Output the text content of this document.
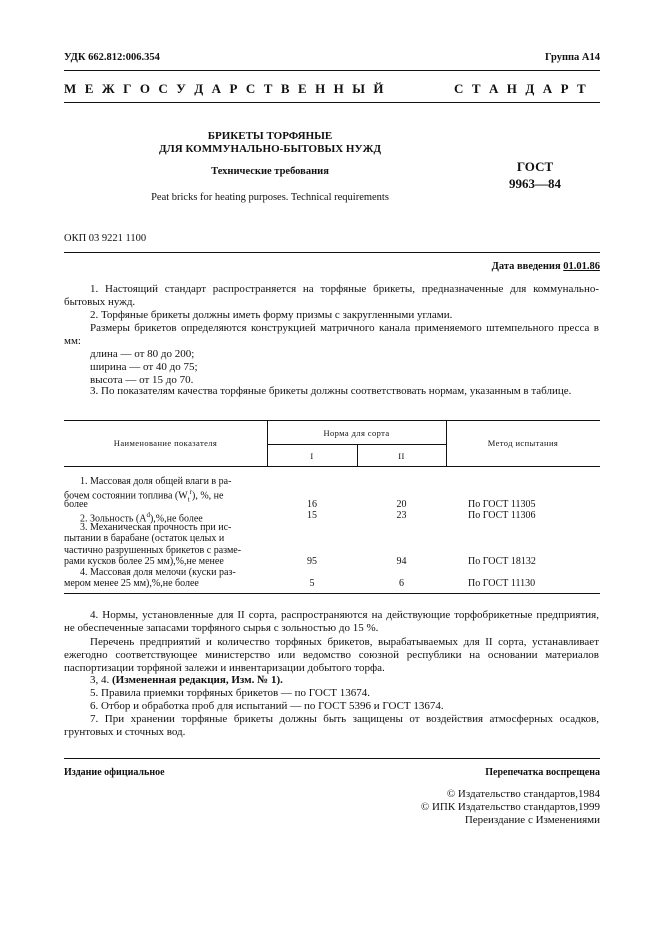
УДК 662.812:006.354	Группа А14
М Е Ж Г О С У Д А Р С Т В Е Н Н Ы Й	С Т А Н Д А Р Т
БРИКЕТЫ ТОРФЯНЫЕ
ДЛЯ КОММУНАЛЬНО-БЫТОВЫХ НУЖД
Технические требования
Peat bricks for heating purposes. Technical requirements
ГОСТ
9963—84
ОКП 03 9221 1100
Дата введения 01.01.86
1. Настоящий стандарт распространяется на торфяные брикеты, предназначенные для коммунально-бытовых нужд.
2. Торфяные брикеты должны иметь форму призмы с закругленными углами.
Размеры брикетов определяются конструкцией матричного канала применяемого штемпельного пресса в мм:
длина — от 80 до 200;
ширина — от 40 до 75;
высота — от 15 до 70.
3. По показателям качества торфяные брикеты должны соответствовать нормам, указанным в таблице.
Наименование показателя
Норма для сорта
I	II
Метод испытания
1. Массовая доля общей влаги в ра-
бочем состоянии топлива $(W_t^r)$, %, не
более	16	20	По ГОСТ 11305
2. Зольность $(A^d),\%,не$ более	15	23	По ГОСТ 11306
3. Механическая прочность при ис-
пытании в барабане (остаток целых и
частично разрушенных брикетов с разме-
рами кусков более 25 мм),%,не менее	95	94	По ГОСТ 18132
4. Массовая доля мелочи (куски раз-
мером менее 25 мм),%,не более	5	6	По ГОСТ 11130
4. Нормы, установленные для II сорта, распространяются на действующие торфобрикетные предприятия, не обеспеченные запасами торфяного сырья с зольностью до 15 %.
Перечень предприятий и количество торфяных брикетов, вырабатываемых для II сорта, устанавливает ежегодно соответствующее министерство или ведомство союзной республики на основании материалов паспортизации торфяной залежи и инвентаризации добытого торфа.
3, 4. (Измененная редакция, Изм. № 1).
5. Правила приемки торфяных брикетов — по ГОСТ 13674.
6. Отбор и обработка проб для испытаний — по ГОСТ 5396 и ГОСТ 13674.
7. При хранении торфяные брикеты должны быть защищены от воздействия атмосферных осадков, грунтовых и сточных вод.
Издание официальное	Перепечатка воспрещена
© Издательство стандартов,1984
© ИПК Издательство стандартов,1999
Переиздание с Изменениями
